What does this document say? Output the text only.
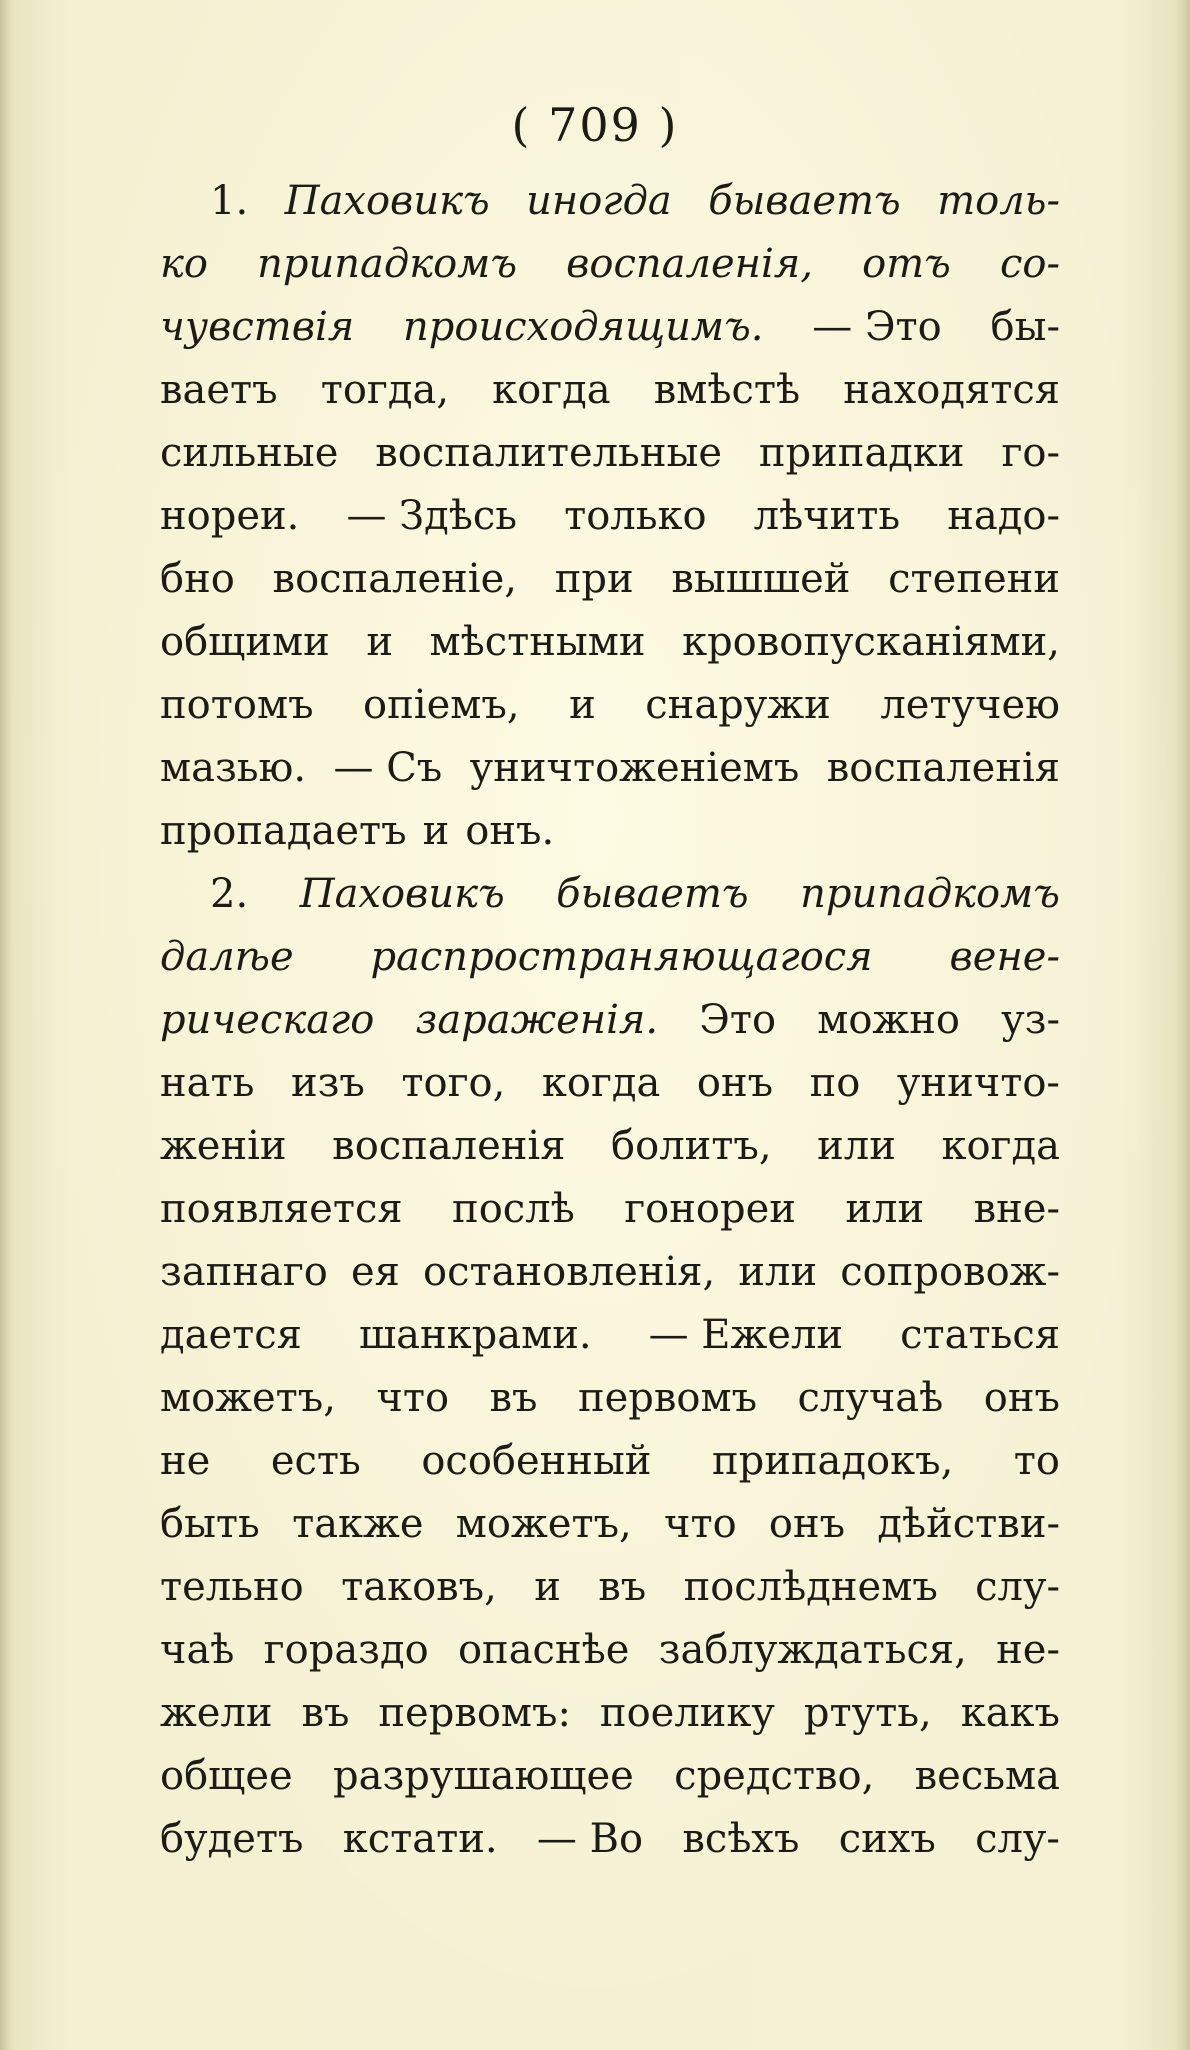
( 709 )

1. Паховикъ иногда бываетъ толь-
ко припадкомъ воспаленія, отъ со-
чувствія происходящимъ. — Это бы-
ваетъ тогда, когда вмѣстѣ находятся
сильные воспалительные припадки го-
нореи. — Здѣсь только лѣчить надо-
бно воспаленіе, при вышшей степени
общими и мѣстными кровопусканіями,
потомъ опіемъ, и снаружи летучею
мазью. — Съ уничтоженіемъ воспаленія
пропадаетъ и онъ.
2. Паховикъ бываетъ припадкомъ
далѣе распространяющагося вене-
рическаго зараженія. Это можно уз-
нать изъ того, когда онъ по уничто-
женіи воспаленія болитъ, или когда
появляется послѣ гонореи или вне-
запнаго ея остановленія, или сопровож-
дается шанкрами. — Ежели статься
можетъ, что въ первомъ случаѣ онъ
не есть особенный припадокъ, то
быть также можетъ, что онъ дѣйстви-
тельно таковъ, и въ послѣднемъ слу-
чаѣ гораздо опаснѣе заблуждаться, не-
жели въ первомъ: поелику ртуть, какъ
общее разрушающее средство, весьма
будетъ кстати. — Во всѣхъ сихъ слу-
